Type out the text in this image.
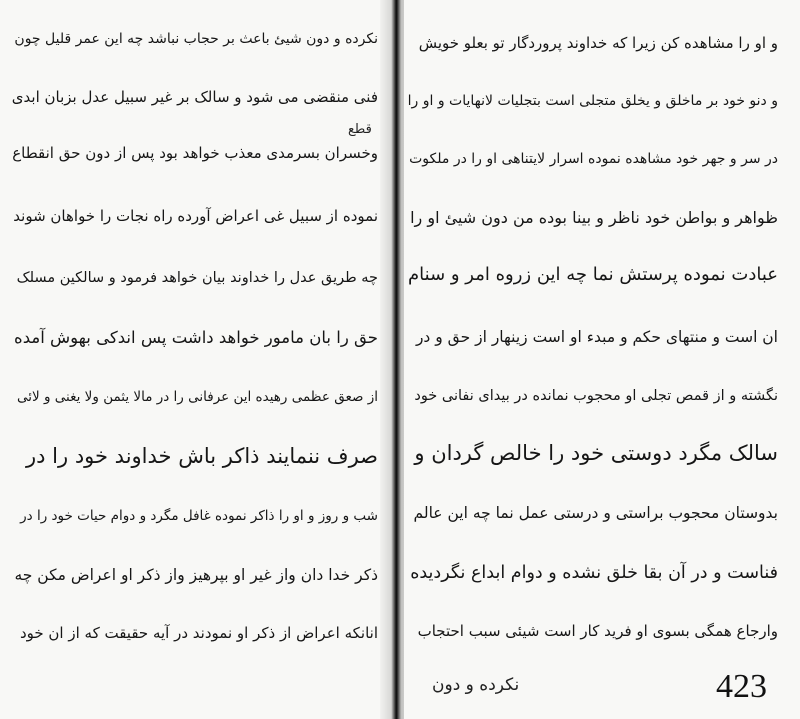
نکرده و دون شیئ باعث بر حجاب نباشد چه این عمر قلیل چون
فنی منقضی می شود و سالک بر غیر سبیل عدل بزبان ابدی
وخسران بسرمدی معذب خواهد بود پس از دون حق انقطاع
نموده از سبیل غی اعراض آورده راه نجات را خواهان شوند
چه طریق عدل را خداوند بیان خواهد فرمود و سالکین مسلک
حق را بان مامور خواهد داشت پس اندکی بهوش آمده
از صعق عظمی رهیده این عرفانی را در مالا یثمن ولا یغنی و لائی
صرف ننمایند ذاکر باش خداوند خود را در
شب و روز و او را ذاکر نموده غافل مگرد و دوام حیات خود را در
ذکر خدا دان واز غیر او بپرهیز واز ذکر او اعراض مکن چه
انانکه اعراض از ذکر او نمودند در آیه حقیقت که از ان خود
قطع
و او را مشاهده کن زیرا که خداوند پروردگار تو بعلو خویش
و دنو خود بر ماخلق و یخلق متجلی است بتجلیات لانهایات و او را
در سر و جهر خود مشاهده نموده اسرار لایتناهی او را در ملکوت
ظواهر و بواطن خود ناظر و بینا بوده من دون شیئ او را
عبادت نموده پرستش نما چه این زروه امر و سنام
ان است و منتهای حکم و مبدء او است زینهار از حق و در
نگشته و از قمص تجلی او محجوب نمانده در بیدای نفانی خود
سالک مگرد دوستی خود را خالص گردان و
بدوستان محجوب براستی و درستی عمل نما چه این عالم
فناست و در آن بقا خلق نشده و دوام ابداع نگردیده
وارجاع همگی بسوی او فرید کار است شیئی سبب احتجاب
نکرده و دون	423
